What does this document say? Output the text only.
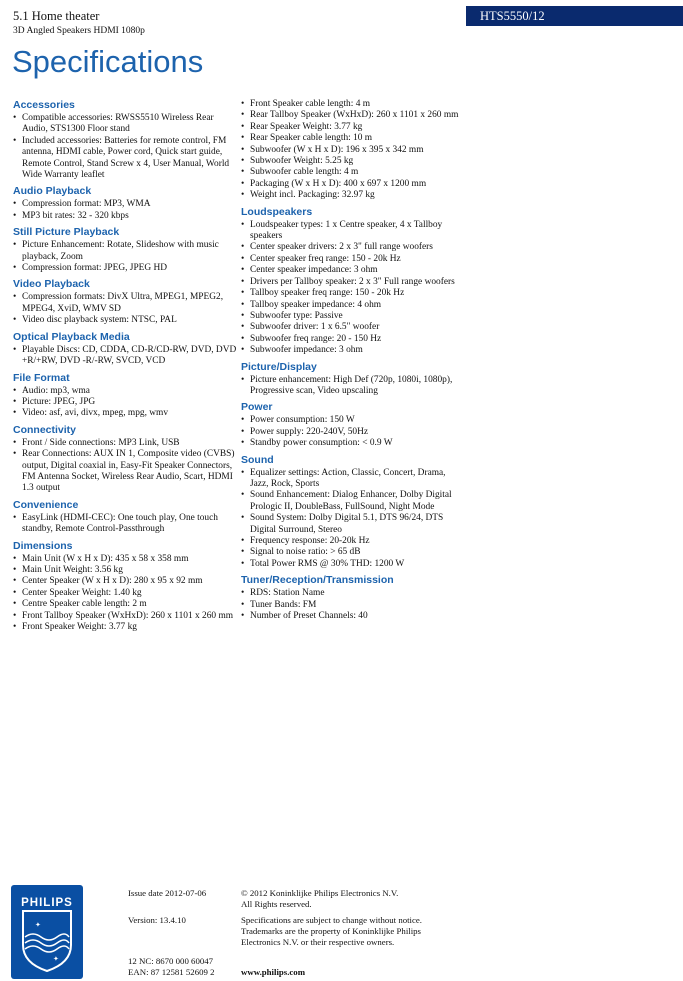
5.1 Home theater
3D Angled Speakers HDMI 1080p
HTS5550/12
Specifications
Accessories
• Compatible accessories: RWSS5510 Wireless Rear Audio, STS1300 Floor stand
• Included accessories: Batteries for remote control, FM antenna, HDMI cable, Power cord, Quick start guide, Remote Control, Stand Screw x 4, User Manual, World Wide Warranty leaflet
Audio Playback
• Compression format: MP3, WMA
• MP3 bit rates: 32 - 320 kbps
Still Picture Playback
• Picture Enhancement: Rotate, Slideshow with music playback, Zoom
• Compression format: JPEG, JPEG HD
Video Playback
• Compression formats: DivX Ultra, MPEG1, MPEG2, MPEG4, XviD, WMV SD
• Video disc playback system: NTSC, PAL
Optical Playback Media
• Playable Discs: CD, CDDA, CD-R/CD-RW, DVD, DVD +R/+RW, DVD -R/-RW, SVCD, VCD
File Format
• Audio: mp3, wma
• Picture: JPEG, JPG
• Video: asf, avi, divx, mpeg, mpg, wmv
Connectivity
• Front / Side connections: MP3 Link, USB
• Rear Connections: AUX IN 1, Composite video (CVBS) output, Digital coaxial in, Easy-Fit Speaker Connectors, FM Antenna Socket, Wireless Rear Audio, Scart, HDMI 1.3 output
Convenience
• EasyLink (HDMI-CEC): One touch play, One touch standby, Remote Control-Passthrough
Dimensions
• Main Unit (W x H x D): 435 x 58 x 358 mm
• Main Unit Weight: 3.56 kg
• Center Speaker (W x H x D): 280 x 95 x 92 mm
• Center Speaker Weight: 1.40 kg
• Centre Speaker cable length: 2 m
• Front Tallboy Speaker (WxHxD): 260 x 1101 x 260 mm
• Front Speaker Weight: 3.77 kg
• Front Speaker cable length: 4 m
• Rear Tallboy Speaker (WxHxD): 260 x 1101 x 260 mm
• Rear Speaker Weight: 3.77 kg
• Rear Speaker cable length: 10 m
• Subwoofer (W x H x D): 196 x 395 x 342 mm
• Subwoofer Weight: 5.25 kg
• Subwoofer cable length: 4 m
• Packaging (W x H x D): 400 x 697 x 1200 mm
• Weight incl. Packaging: 32.97 kg
Loudspeakers
• Loudspeaker types: 1 x Centre speaker, 4 x Tallboy speakers
• Center speaker drivers: 2 x 3" full range woofers
• Center speaker freq range: 150 - 20k Hz
• Center speaker impedance: 3 ohm
• Drivers per Tallboy speaker: 2 x 3" Full range woofers
• Tallboy speaker freq range: 150 - 20k Hz
• Tallboy speaker impedance: 4 ohm
• Subwoofer type: Passive
• Subwoofer driver: 1 x 6.5" woofer
• Subwoofer freq range: 20 - 150 Hz
• Subwoofer impedance: 3 ohm
Picture/Display
• Picture enhancement: High Def (720p, 1080i, 1080p), Progressive scan, Video upscaling
Power
• Power consumption: 150 W
• Power supply: 220-240V, 50Hz
• Standby power consumption: < 0.9 W
Sound
• Equalizer settings: Action, Classic, Concert, Drama, Jazz, Rock, Sports
• Sound Enhancement: Dialog Enhancer, Dolby Digital Prologic II, DoubleBass, FullSound, Night Mode
• Sound System: Dolby Digital 5.1, DTS 96/24, DTS Digital Surround, Stereo
• Frequency response: 20-20k Hz
• Signal to noise ratio: > 65 dB
• Total Power RMS @ 30% THD: 1200 W
Tuner/Reception/Transmission
• RDS: Station Name
• Tuner Bands: FM
• Number of Preset Channels: 40
✦
✦
PHILIPS
Issue date 2012-07-06
Version: 13.4.10
12 NC: 8670 000 60047
EAN: 87 12581 52609 2
© 2012 Koninklijke Philips Electronics N.V.
All Rights reserved.
Specifications are subject to change without notice.
Trademarks are the property of Koninklijke Philips
Electronics N.V. or their respective owners.
www.philips.com
